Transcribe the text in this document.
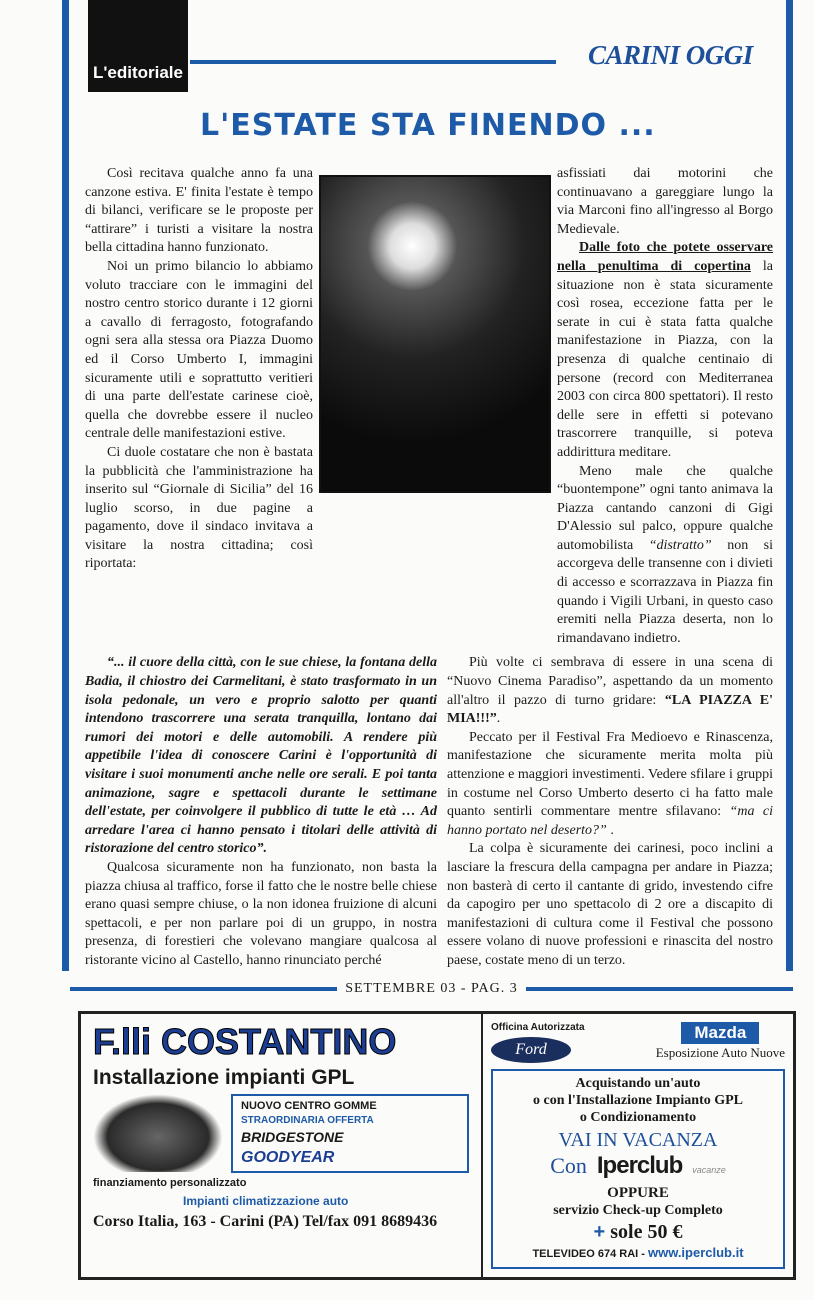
L'editoriale
CARINI OGGI
L'ESTATE STA FINENDO ...

Così recitava qualche anno fa una canzone estiva. E' finita l'estate è tempo di bilanci, verificare se le proposte per “attirare” i turisti a visitare la nostra bella cittadina hanno funzionato.

Noi un primo bilancio lo abbiamo voluto tracciare con le immagini del nostro centro storico durante i 12 giorni a cavallo di ferragosto, fotografando ogni sera alla stessa ora Piazza Duomo ed il Corso Umberto I, immagini sicuramente utili e soprattutto veritieri di una parte dell'estate carinese cioè, quella che dovrebbe essere il nucleo centrale delle manifestazioni estive.

Ci duole costatare che non è bastata la pubblicità che l'amministrazione ha inserito sul “Giornale di Sicilia” del 16 luglio scorso, in due pagine a pagamento, dove il sindaco invitava a visitare la nostra cittadina; così riportata:

asfissiati dai motorini che continuavano a gareggiare lungo la via Marconi fino all'ingresso al Borgo Medievale.

Dalle foto che potete osservare nella penultima di copertina la situazione non è stata sicuramente così rosea, eccezione fatta per le serate in cui è stata fatta qualche manifestazione in Piazza, con la presenza di qualche centinaio di persone (record con Mediterranea 2003 con circa 800 spettatori). Il resto delle sere in effetti si potevano trascorrere tranquille, si poteva addirittura meditare.

Meno male che qualche “buontempone” ogni tanto animava la Piazza cantando canzoni di Gigi D'Alessio sul palco, oppure qualche automobilista “distratto” non si accorgeva delle transenne con i divieti di accesso e scorrazzava in Piazza fin quando i Vigili Urbani, in questo caso eremiti nella Piazza deserta, non lo rimandavano indietro.

“... il cuore della città, con le sue chiese, la fontana della Badia, il chiostro dei Carmelitani, è stato trasformato in un isola pedonale, un vero e proprio salotto per quanti intendono trascorrere una serata tranquilla, lontano dai rumori dei motori e delle automobili. A rendere più appetibile l'idea di conoscere Carini è l'opportunità di visitare i suoi monumenti anche nelle ore serali. E poi tanta animazione, sagre e spettacoli durante le settimane dell'estate, per coinvolgere il pubblico di tutte le età … Ad arredare l'area ci hanno pensato i titolari delle attività di ristorazione del centro storico”.

Qualcosa sicuramente non ha funzionato, non basta la piazza chiusa al traffico, forse il fatto che le nostre belle chiese erano quasi sempre chiuse, o la non idonea fruizione di alcuni spettacoli, e per non parlare poi di un gruppo, in nostra presenza, di forestieri che volevano mangiare qualcosa al ristorante vicino al Castello, hanno rinunciato perché

Più volte ci sembrava di essere in una scena di “Nuovo Cinema Paradiso”, aspettando da un momento all'altro il pazzo di turno gridare: “LA PIAZZA E' MIA!!!”.

Peccato per il Festival Fra Medioevo e Rinascenza, manifestazione che sicuramente merita molta più attenzione e maggiori investimenti. Vedere sfilare i gruppi in costume nel Corso Umberto deserto ci ha fatto male quanto sentirli commentare mentre sfilavano: “ma ci hanno portato nel deserto?” .

La colpa è sicuramente dei carinesi, poco inclini a lasciare la frescura della campagna per andare in Piazza; non basterà di certo il cantante di grido, investendo cifre da capogiro per uno spettacolo di 2 ore a discapito di manifestazioni di cultura come il Festival che possono essere volano di nuove professioni e rinascita del nostro paese, costate meno di un terzo.

SETTEMBRE 03 - PAG. 3
F.lli COSTANTINO
Installazione impianti GPL
NUOVO CENTRO GOMME
STRAORDINARIA OFFERTA
BRIDGESTONE
GOODYEAR
finanziamento personalizzato
Impianti climatizzazione auto
Corso Italia, 163 - Carini (PA) Tel/fax 091 8689436
Officina Autorizzata
Ford
Mazda
Esposizione Auto Nuove
Acquistando un'auto
o con l'Installazione Impianto GPL
o Condizionamento
VAI IN VACANZA
Con Iperclub vacanze
OPPURE
servizio Check-up Completo
+ sole 50 €
TELEVIDEO 674 RAI - www.iperclub.it
